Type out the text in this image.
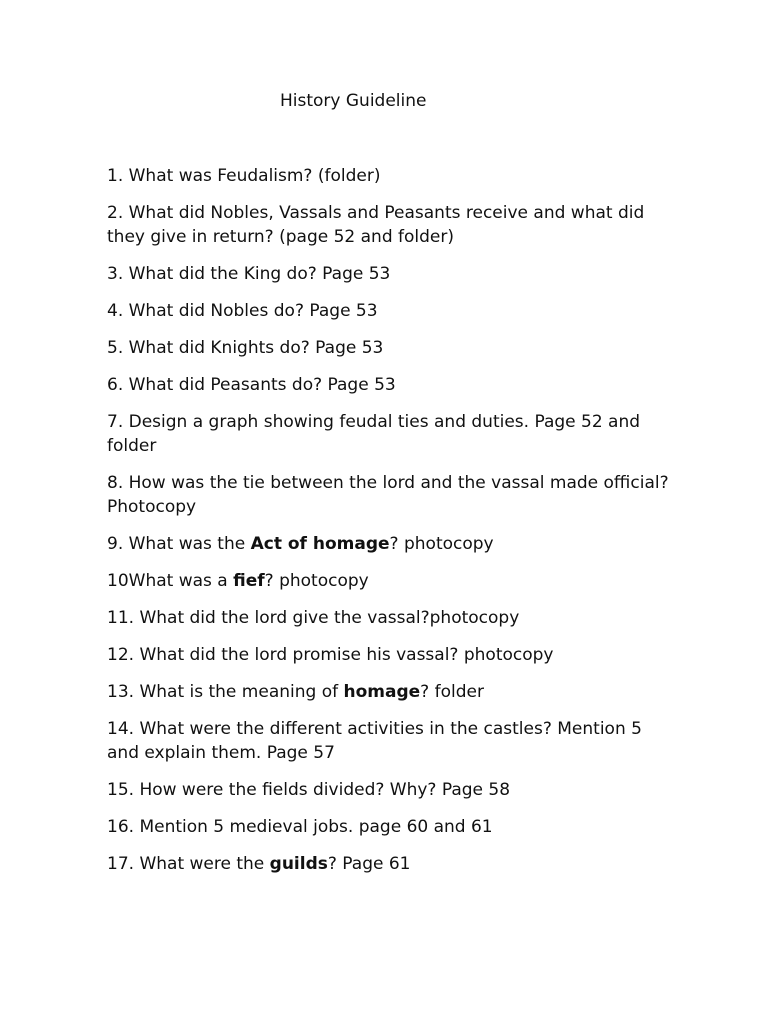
History Guideline
1. What was Feudalism? (folder)
2. What did Nobles, Vassals and Peasants receive and what did they give in return? (page 52 and folder)
3. What did the King do? Page 53
4. What did Nobles do? Page 53
5. What did Knights do? Page 53
6. What did Peasants do? Page 53
7. Design a graph showing feudal ties and duties. Page 52 and folder
8. How was the tie between the lord and the vassal made official? Photocopy
9. What was the Act of homage? photocopy
10What was a fief? photocopy
11. What did the lord give the vassal?photocopy
12. What did the lord promise his vassal? photocopy
13. What is the meaning of homage? folder
14. What were the different activities in the castles? Mention 5 and explain them. Page 57
15. How were the fields divided? Why? Page 58
16. Mention 5 medieval jobs. page 60 and 61
17. What were the guilds? Page 61
